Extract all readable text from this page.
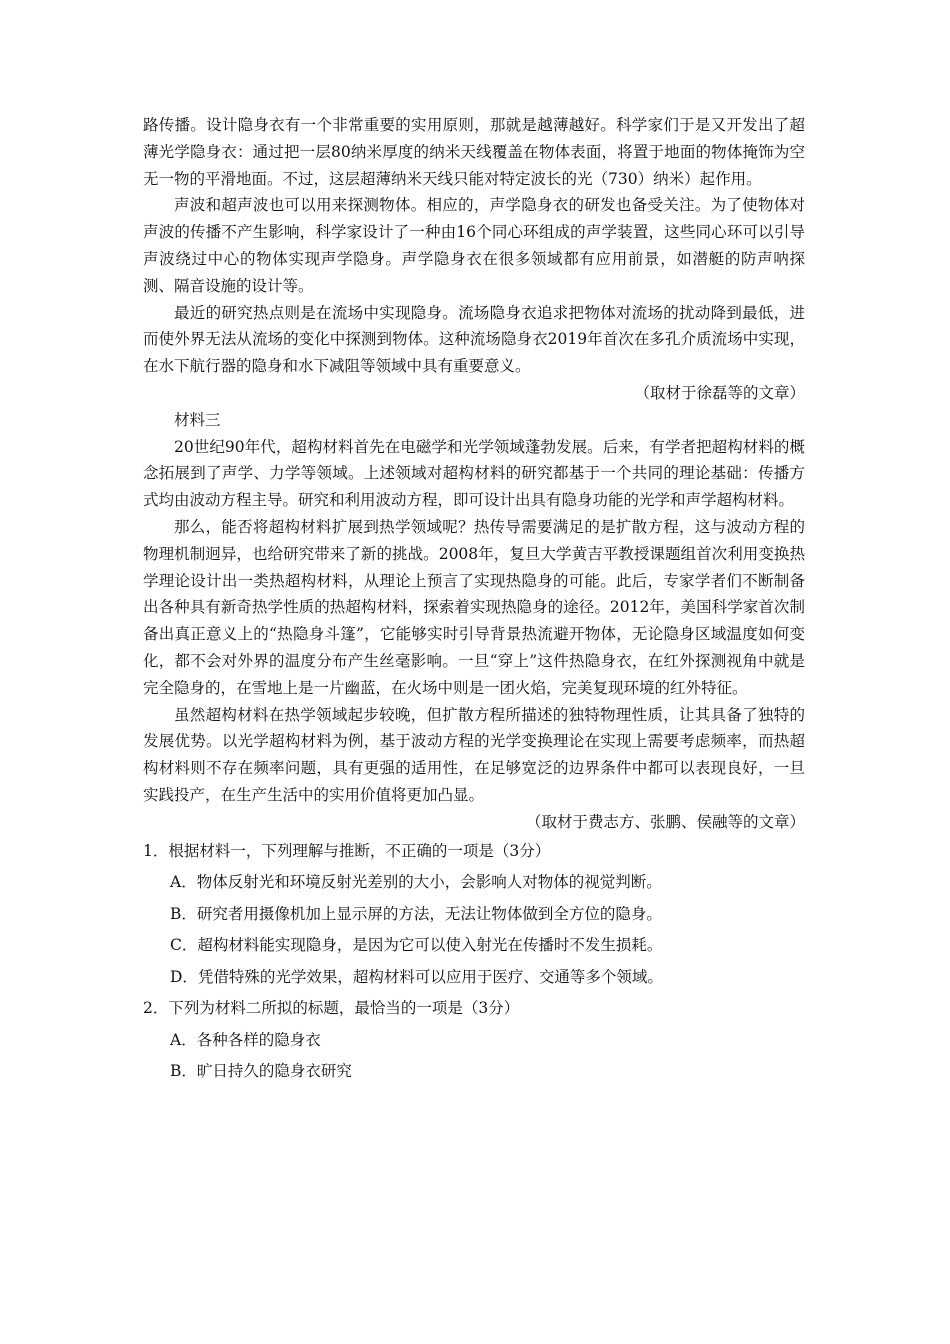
路传播。设计隐身衣有一个非常重要的实用原则，那就是越薄越好。科学家们于是又开发出了超薄光学隐身衣：通过把一层80纳米厚度的纳米天线覆盖在物体表面，将置于地面的物体掩饰为空无一物的平滑地面。不过，这层超薄纳米天线只能对特定波长的光（730）纳米）起作用。

声波和超声波也可以用来探测物体。相应的，声学隐身衣的研发也备受关注。为了使物体对声波的传播不产生影响，科学家设计了一种由16个同心环组成的声学装置，这些同心环可以引导声波绕过中心的物体实现声学隐身。声学隐身衣在很多领域都有应用前景，如潜艇的防声呐探测、隔音设施的设计等。

最近的研究热点则是在流场中实现隐身。流场隐身衣追求把物体对流场的扰动降到最低，进而使外界无法从流场的变化中探测到物体。这种流场隐身衣2019年首次在多孔介质流场中实现，在水下航行器的隐身和水下减阻等领域中具有重要意义。

（取材于徐磊等的文章）

材料三

20世纪90年代，超构材料首先在电磁学和光学领域蓬勃发展。后来，有学者把超构材料的概念拓展到了声学、力学等领域。上述领域对超构材料的研究都基于一个共同的理论基础：传播方式均由波动方程主导。研究和利用波动方程，即可设计出具有隐身功能的光学和声学超构材料。

那么，能否将超构材料扩展到热学领域呢？热传导需要满足的是扩散方程，这与波动方程的物理机制迥异，也给研究带来了新的挑战。2008年，复旦大学黄吉平教授课题组首次利用变换热学理论设计出一类热超构材料，从理论上预言了实现热隐身的可能。此后，专家学者们不断制备出各种具有新奇热学性质的热超构材料，探索着实现热隐身的途径。2012年，美国科学家首次制备出真正意义上的“热隐身斗篷”，它能够实时引导背景热流避开物体，无论隐身区域温度如何变化，都不会对外界的温度分布产生丝毫影响。一旦“穿上”这件热隐身衣，在红外探测视角中就是完全隐身的，在雪地上是一片幽蓝，在火场中则是一团火焰，完美复现环境的红外特征。

虽然超构材料在热学领域起步较晚，但扩散方程所描述的独特物理性质，让其具备了独特的发展优势。以光学超构材料为例，基于波动方程的光学变换理论在实现上需要考虑频率，而热超构材料则不存在频率问题，具有更强的适用性，在足够宽泛的边界条件中都可以表现良好，一旦实践投产，在生产生活中的实用价值将更加凸显。

（取材于费志方、张鹏、侯融等的文章）

1．根据材料一，下列理解与推断，不正确的一项是（3分）

A．物体反射光和环境反射光差别的大小，会影响人对物体的视觉判断。

B．研究者用摄像机加上显示屏的方法，无法让物体做到全方位的隐身。

C．超构材料能实现隐身，是因为它可以使入射光在传播时不发生损耗。

D．凭借特殊的光学效果，超构材料可以应用于医疗、交通等多个领域。

2．下列为材料二所拟的标题，最恰当的一项是（3分）

A．各种各样的隐身衣

B．旷日持久的隐身衣研究
